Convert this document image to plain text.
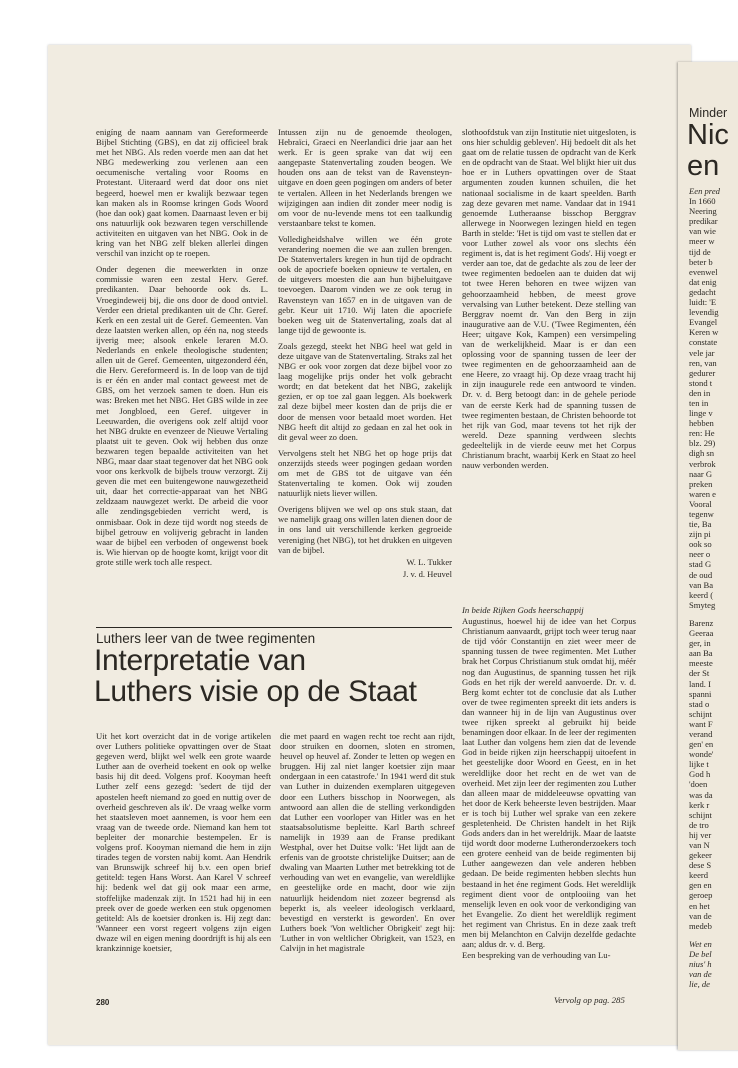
enigíng de naam aannam van Gereformeerde Bijbel Stichting (GBS), en dat zij officieel brak met het NBG. Als reden voerde men aan dat het NBG medewerking zou verlenen aan een oecumenische vertaling voor Rooms en Protestant. Uiteraard werd dat door ons niet begeerd, hoewel men er kwalijk bezwaar tegen kan maken als in Roomse kringen Gods Woord (hoe dan ook) gaat komen. Daarnaast leven er bij ons natuurlijk ook bezwaren tegen verschillende activiteiten en uitgaven van het NBG. Ook in de kring van het NBG zelf bleken allerlei dingen verschil van inzicht op te roepen.

Onder degenen die meewerkten in onze commissie waren een zestal Herv. Geref. predikanten. Daar behoorde ook ds. L. Vroegindeweij bij, die ons door de dood ontviel. Verder een drietal predikanten uit de Chr. Geref. Kerk en een zestal uit de Geref. Gemeenten. Van deze laatsten werken allen, op één na, nog steeds ijverig mee; alsook enkele leraren M.O. Nederlands en enkele theologische studenten; allen uit de Geref. Gemeenten, uitgezonderd één, die Herv. Gereformeerd is. In de loop van de tijd is er één en ander mal contact geweest met de GBS, om het verzoek samen te doen. Hun eis was: Breken met het NBG. Het GBS wilde in zee met Jongbloed, een Geref. uitgever in Leeuwarden, die overigens ook zelf altijd voor het NBG drukte en evenzeer de Nieuwe Vertaling plaatst uit te geven. Ook wij hebben dus onze bezwaren tegen bepaalde activiteiten van het NBG, maar daar staat tegenover dat het NBG ook voor ons kerkvolk de bijbels trouw verzorgt. Zij geven die met een buitengewone nauwgezetheid uit, daar het correctie-apparaat van het NBG zeldzaam nauwgezet werkt. De arbeid die voor alle zendingsgebieden verricht werd, is onmisbaar. Ook in deze tijd wordt nog steeds de bijbel getrouw en volijverig gebracht in landen waar de bijbel een verboden of ongewenst boek is. Wie hiervan op de hoogte komt, krijgt voor dit grote stille werk toch alle respect.

Intussen zijn nu de genoemde theologen, Hebraïci, Graeci en Neerlandici drie jaar aan het werk. Er is geen sprake van dat wij een aangepaste Statenvertaling zouden beogen. We houden ons aan de tekst van de Ravensteyn-uitgave en doen geen pogingen om anders of beter te vertalen. Alleen in het Nederlands brengen we wijzigingen aan indien dit zonder meer nodig is om voor de nu-levende mens tot een taalkundig verstaanbare tekst te komen.

Volledigheidshalve willen we één grote verandering noemen die we aan zullen brengen. De Statenvertalers kregen in hun tijd de opdracht ook de apocriefe boeken opnieuw te vertalen, en de uitgevers moesten die aan hun bijbeluitgave toevoegen. Daarom vinden we ze ook terug in Ravensteyn van 1657 en in de uitgaven van de gebr. Keur uit 1710. Wij laten die apocriefe boeken weg uit de Statenvertaling, zoals dat al lange tijd de gewoonte is.

Zoals gezegd, steekt het NBG heel wat geld in deze uitgave van de Statenvertaling. Straks zal het NBG er ook voor zorgen dat deze bijbel voor zo laag mogelijke prijs onder het volk gebracht wordt; en dat betekent dat het NBG, zakelijk gezien, er op toe zal gaan leggen. Als boekwerk zal deze bijbel meer kosten dan de prijs die er door de mensen voor betaald moet worden. Het NBG heeft dit altijd zo gedaan en zal het ook in dit geval weer zo doen.

Vervolgens stelt het NBG het op hoge prijs dat onzerzijds steeds weer pogingen gedaan worden om met de GBS tot de uitgave van één Statenvertaling te komen. Ook wij zouden natuurlijk niets liever willen.

Overigens blijven we wel op ons stuk staan, dat we namelijk graag ons willen laten dienen door de in ons land uit verschillende kerken gegroeide vereniging (het NBG), tot het drukken en uitgeven van de bijbel.

W. L. Tukker
J. v. d. Heuvel

slothoofdstuk van zijn Institutie niet uitgesloten, is ons hier schuldig gebleven'. Hij bedoelt dit als het gaat om de relatie tussen de opdracht van de Kerk en de opdracht van de Staat. Wel blijkt hier uit dus hoe er in Luthers opvattingen over de Staat argumenten zouden kunnen schuilen, die het nationaal socialisme in de kaart speelden. Barth zag deze gevaren met name. Vandaar dat in 1941 genoemde Lutheraanse bisschop Berggrav allerwege in Noorwegen lezingen hield en tegen Barth in stelde: 'Het is tijd om vast te stellen dat er voor Luther zowel als voor ons slechts één regiment is, dat is het regiment Gods'. Hij voegt er verder aan toe, dat de gedachte als zou de leer der twee regimenten bedoelen aan te duiden dat wij tot twee Heren behoren en twee wijzen van gehoorzaamheid hebben, de meest grove vervalsing van Luther betekent. Deze stelling van Berggrav noemt dr. Van den Berg in zijn inaugurative aan de V.U. ('Twee Regimenten, één Heer; uitgave Kok, Kampen) een versimpeling van de werkelijkheid. Maar is er dan een oplossing voor de spanning tussen de leer der twee regimenten en de gehoorzaamheid aan de ene Heere, zo vraagt hij. Op deze vraag tracht hij in zijn inaugurele rede een antwoord te vinden. Dr. v. d. Berg betoogt dan: in de gehele periode van de eerste Kerk had de spanning tussen de twee regimenten bestaan, de Christen behoorde tot het rijk van God, maar tevens tot het rijk der wereld. Deze spanning verdween slechts gedeeltelijk in de vierde eeuw met het Corpus Christianum bracht, waarbij Kerk en Staat zo heel nauw verbonden werden.

Luthers leer van de twee regimenten
Interpretatie van
Luthers visie op de Staat

Uit het kort overzicht dat in de vorige artikelen over Luthers politieke opvattingen over de Staat gegeven werd, blijkt wel welk een grote waarde Luther aan de overheid toekent en ook op welke basis hij dit deed. Volgens prof. Kooyman heeft Luther zelf eens gezegd: 'sedert de tijd der apostelen heeft niemand zo goed en nuttig over de overheid geschreven als ik'. De vraag welke vorm het staatsleven moet aannemen, is voor hem een vraag van de tweede orde. Niemand kan hem tot bepleiter der monarchie bestempelen. Er is volgens prof. Kooyman niemand die hem in zijn tirades tegen de vorsten nabij komt. Aan Hendrik van Brunswijk schreef hij b.v. een open brief getiteld: tegen Hans Worst. Aan Karel V schreef hij: bedenk wel dat gij ook maar een arme, stoffelijke madenzak zijt. In 1521 had hij in een preek over de goede werken een stuk opgenomen getiteld: Als de koetsier dronken is. Hij zegt dan: 'Wanneer een vorst regeert volgens zijn eigen dwaze wil en eigen mening doordrijft is hij als een krankzinnige koetsier,

die met paard en wagen recht toe recht aan rijdt, door struiken en doornen, sloten en stromen, heuvel op heuvel af. Zonder te letten op wegen en bruggen. Hij zal niet langer koetsier zijn maar ondergaan in een catastrofe.' In 1941 werd dit stuk van Luther in duizenden exemplaren uitgegeven door een Luthers bisschop in Noorwegen, als antwoord aan allen die de stelling verkondigden dat Luther een voorloper van Hitler was en het staatsabsolutisme bepleitte. Karl Barth schreef namelijk in 1939 aan de Franse predikant Westphal, over het Duitse volk: 'Het lijdt aan de erfenis van de grootste christelijke Duitser; aan de dwaling van Maarten Luther met betrekking tot de verhouding van wet en evangelie, van wereldlijke en geestelijke orde en macht, door wie zijn natuurlijk heidendom niet zozeer begrensd als beperkt is, als veeleer ideologisch verklaard, bevestigd en versterkt is geworden'. En over Luthers boek 'Von weltlicher Obrigkeit' zegt hij: 'Luther in von weltlicher Obrigkeit, van 1523, en Calvijn in het magistrale

In beide Rijken Gods heerschappij

Augustinus, hoewel hij de idee van het Corpus Christianum aanvaardt, grijpt toch weer terug naar de tijd vóór Constantijn en ziet weer meer de spanning tussen de twee regimenten. Met Luther brak het Corpus Christianum stuk omdat hij, méér nog dan Augustinus, de spanning tussen het rijk Gods en het rijk der wereld aanvoerde. Dr. v. d. Berg komt echter tot de conclusie dat als Luther over de twee regimenten spreekt dit iets anders is dan wanneer hij in de lijn van Augustinus over twee rijken spreekt al gebruikt hij beide benamingen door elkaar. In de leer der regimenten laat Luther dan volgens hem zien dat de levende God in beide rijken zijn heerschappij uitoefent in het geestelijke door Woord en Geest, en in het wereldlijke door het recht en de wet van de overheid. Met zijn leer der regimenten zou Luther dan alleen maar de middeleeuwse opvatting van het door de Kerk beheerste leven bestrijden. Maar er is toch bij Luther wel sprake van een zekere gespletenheid. De Christen handelt in het Rijk Gods anders dan in het wereldrijk. Maar de laatste tijd wordt door moderne Lutheronderzoekers toch een grotere eenheid van de beide regimenten bij Luther aangewezen dan vele anderen hebben gedaan. De beide regimenten hebben slechts hun bestaand in het éne regiment Gods. Het wereldlijk regiment dient voor de ontplooiing van het menselijk leven en ook voor de verkondiging van het Evangelie. Zo dient het wereldlijk regiment het regiment van Christus. En in deze zaak treft men bij Melanchton en Calvijn dezelfde gedachte aan; aldus dr. v. d. Berg.

Een bespreking van de verhouding van Lu-

280	Vervolg op pag. 285
Minder
Nic
en
Een pred
In 1660
Neering
predikar
van wie
meer w
tijd de
beter b
evenwel
dat enig
gedacht
luidt: 'E
levendig
Evangel
Keren w
constate
vele jar
ren, van
gedurer
stond t
den in
ten in
linge v
hebben
ren: He
blz. 29)
digh sn
verbrok
naar G
preken
waren e
Vooral
tegenw
tie, Ba
zijn pi
ook so
neer o
stad G
de oud
van Ba
keerd (
Smyteg
Barenz
Geeraa
ger, in
aan Ba
meeste
der St
land. I
spanni
stad o
schijnt
want F
verand
gen' en
wonde'
lijke t
God h
'doen
was da
kerk r
schijnt
de tro
hij ver
van N
gekeer
dese S
keerd
gen en
geroep
en het
van de
medeb
Wet en
De bel
nius' h
van de
lie, de
